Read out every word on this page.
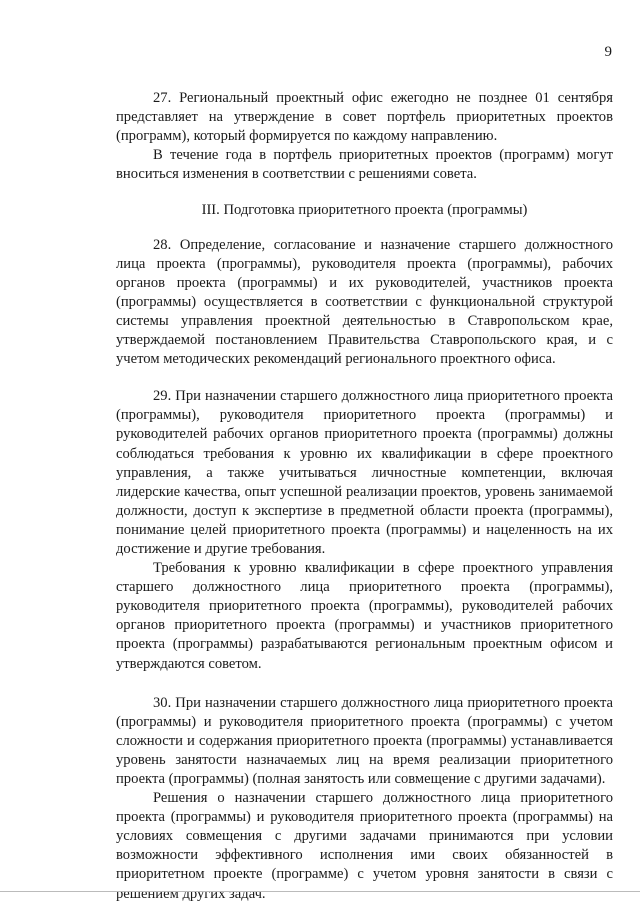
9

27. Региональный проектный офис ежегодно не позднее 01 сентября представляет на утверждение в совет портфель приоритетных проектов (программ), который формируется по каждому направлению.

В течение года в портфель приоритетных проектов (программ) могут вноситься изменения в соответствии с решениями совета.

III. Подготовка приоритетного проекта (программы)

28. Определение, согласование и назначение старшего должностного лица проекта (программы), руководителя проекта (программы), рабочих органов проекта (программы) и их руководителей, участников проекта (программы) осуществляется в соответствии с функциональной структурой системы управления проектной деятельностью в Ставропольском крае, утверждаемой постановлением Правительства Ставропольского края, и с учетом методических рекомендаций регионального проектного офиса.

29. При назначении старшего должностного лица приоритетного проекта (программы), руководителя приоритетного проекта (программы) и руководителей рабочих органов приоритетного проекта (программы) должны соблюдаться требования к уровню их квалификации в сфере проектного управления, а также учитываться личностные компетенции, включая лидерские качества, опыт успешной реализации проектов, уровень занимаемой должности, доступ к экспертизе в предметной области проекта (программы), понимание целей приоритетного проекта (программы) и нацеленность на их достижение и другие требования.

Требования к уровню квалификации в сфере проектного управления старшего должностного лица приоритетного проекта (программы), руководителя приоритетного проекта (программы), руководителей рабочих органов приоритетного проекта (программы) и участников приоритетного проекта (программы) разрабатываются региональным проектным офисом и утверждаются советом.

30. При назначении старшего должностного лица приоритетного проекта (программы) и руководителя приоритетного проекта (программы) с учетом сложности и содержания приоритетного проекта (программы) устанавливается уровень занятости назначаемых лиц на время реализации приоритетного проекта (программы) (полная занятость или совмещение с другими задачами).

Решения о назначении старшего должностного лица приоритетного проекта (программы) и руководителя приоритетного проекта (программы) на условиях совмещения с другими задачами принимаются при условии возможности эффективного исполнения ими своих обязанностей в приоритетном проекте (программе) с учетом уровня занятости в связи с решением других задач.
